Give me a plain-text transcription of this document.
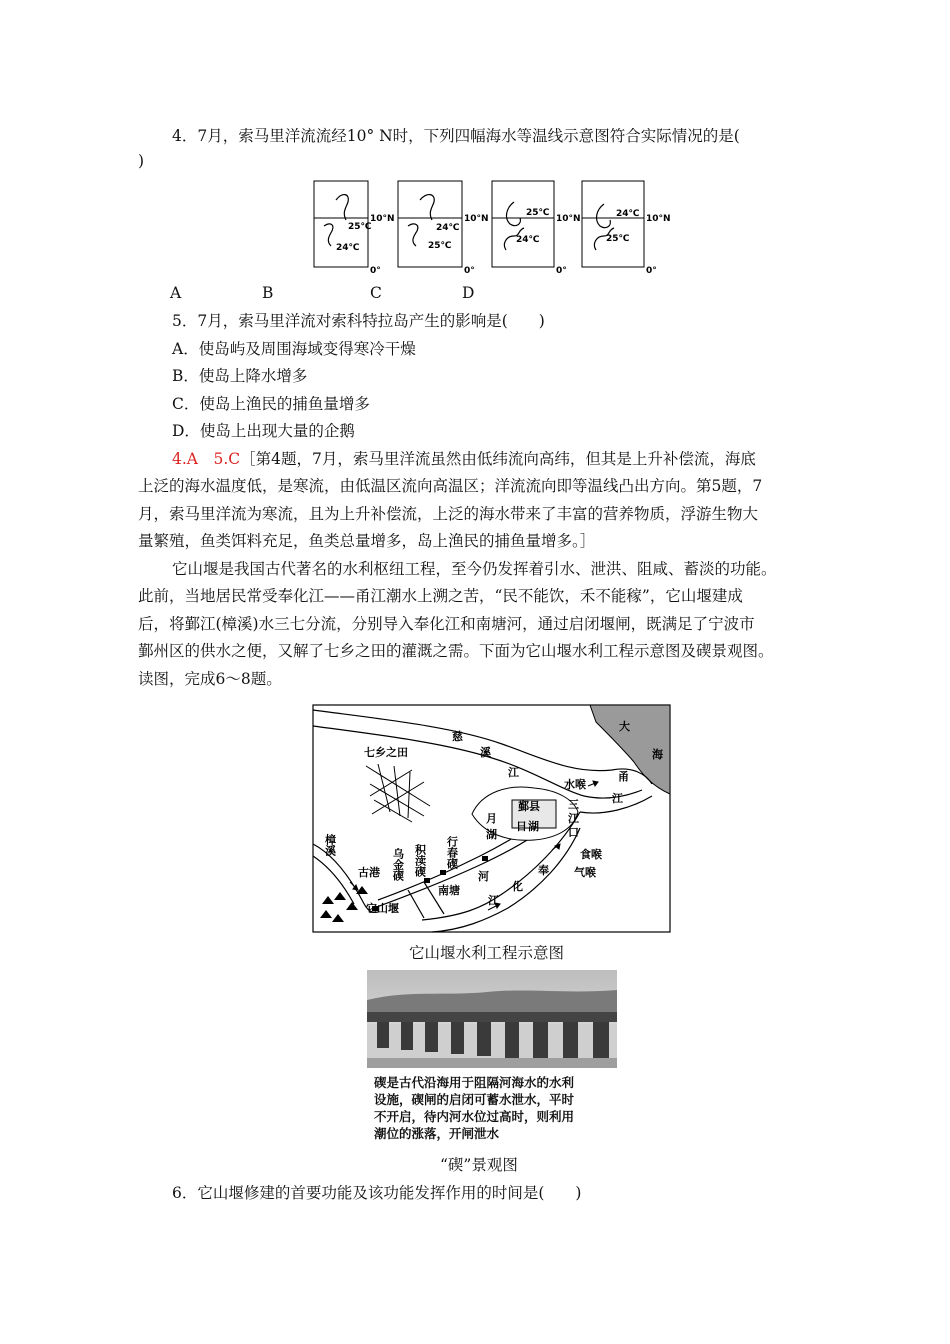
4．7月，索马里洋流流经10° N时，下列四幅海水等温线示意图符合实际情况的是(
)
25℃
24℃
10°N
0°
24℃
25℃
10°N
0°
25℃
24℃
10°N
0°
24℃
25℃
10°N
0°
A	B	C	D
5．7月，索马里洋流对索科特拉岛产生的影响是(　　)
A．使岛屿及周围海域变得寒冷干燥
B．使岛上降水增多
C．使岛上渔民的捕鱼量增多
D．使岛上出现大量的企鹅
4.A　5.C［第4题，7月，索马里洋流虽然由低纬流向高纬，但其是上升补偿流，海底
上泛的海水温度低，是寒流，由低温区流向高温区；洋流流向即等温线凸出方向。第5题，7
月，索马里洋流为寒流，且为上升补偿流，上泛的海水带来了丰富的营养物质，浮游生物大
量繁殖，鱼类饵料充足，鱼类总量增多，岛上渔民的捕鱼量增多。］
它山堰是我国古代著名的水利枢纽工程，至今仍发挥着引水、泄洪、阻咸、蓄淡的功能。
此前，当地居民常受奉化江——甬江潮水上溯之苦，“民不能饮，禾不能稼”，它山堰建成
后，将鄞江(樟溪)水三七分流，分别导入奉化江和南塘河，通过启闭堰闸，既满足了宁波市
鄞州区的供水之便，又解了七乡之田的灌溉之需。下面为它山堰水利工程示意图及碶景观图。
读图，完成6～8题。
大
海
七乡之田
慈
溪
江
水喉
甬
江
鄞县	三
江
口
月
湖
日 湖
行春碶
积渎碶
乌金碶
樟溪	食喉
气喉
奉
化
江
河
南塘
古港
它山堰
它山堰水利工程示意图
碶是古代沿海用于阻隔河海水的水利
设施，碶闸的启闭可蓄水泄水，平时
不开启，待内河水位过高时，则利用
潮位的涨落，开闸泄水
“碶”景观图
6．它山堰修建的首要功能及该功能发挥作用的时间是(　　)
